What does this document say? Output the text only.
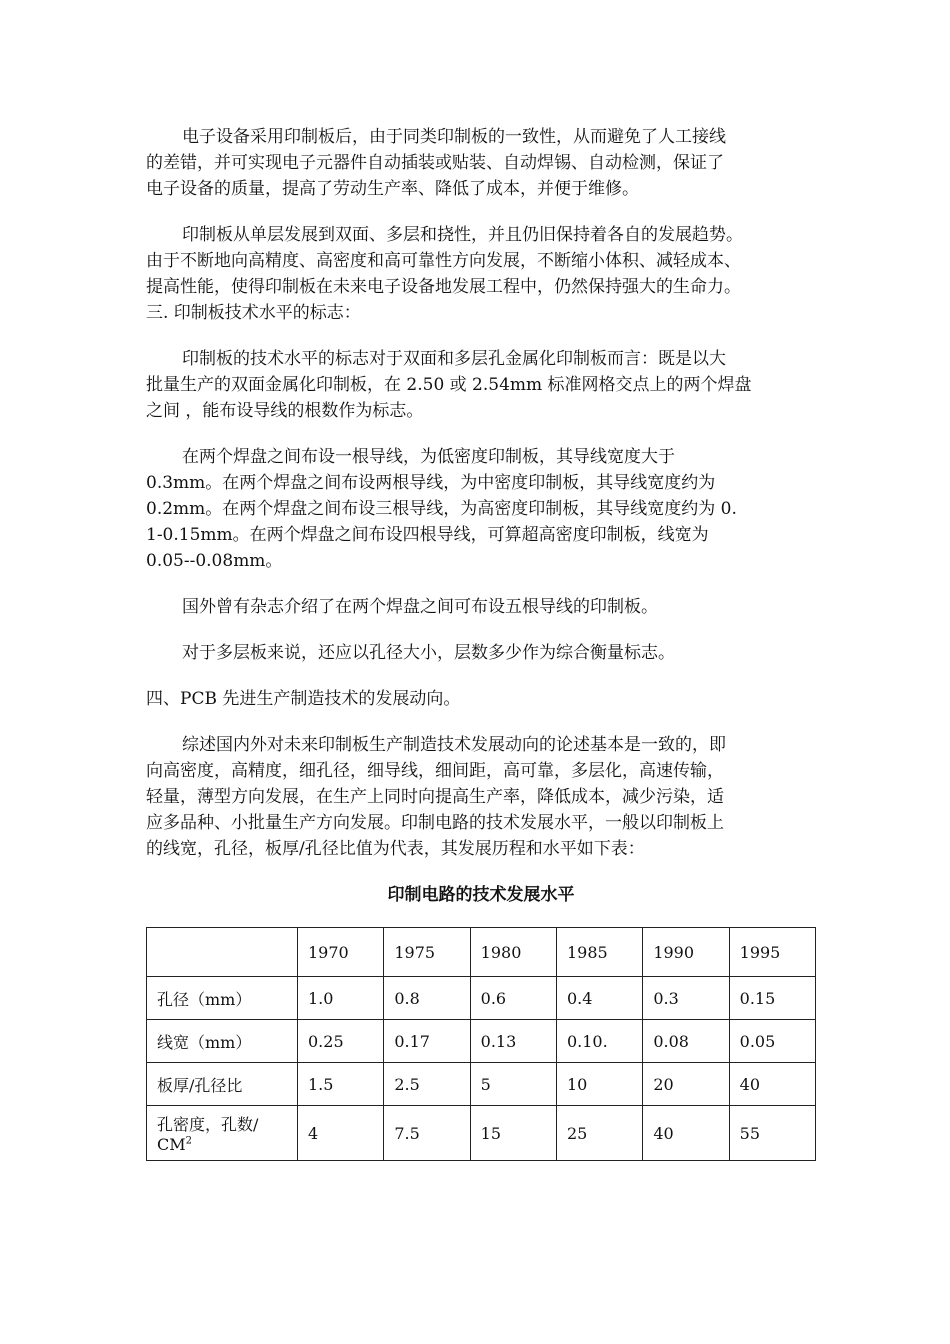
电子设备采用印制板后，由于同类印制板的一致性，从而避免了人工接线
的差错，并可实现电子元器件自动插装或贴装、自动焊锡、自动检测，保证了
电子设备的质量，提高了劳动生产率、降低了成本，并便于维修。

印制板从单层发展到双面、多层和挠性，并且仍旧保持着各自的发展趋势。
由于不断地向高精度、高密度和高可靠性方向发展，不断缩小体积、减轻成本、
提高性能，使得印制板在未来电子设备地发展工程中，仍然保持强大的生命力。

三. 印制板技术水平的标志：

印制板的技术水平的标志对于双面和多层孔金属化印制板而言：既是以大
批量生产的双面金属化印制板，在 2.50 或 2.54mm 标准网格交点上的两个焊盘
之间 ，能布设导线的根数作为标志。

在两个焊盘之间布设一根导线，为低密度印制板，其导线宽度大于
0.3mm。在两个焊盘之间布设两根导线，为中密度印制板，其导线宽度约为
0.2mm。在两个焊盘之间布设三根导线，为高密度印制板，其导线宽度约为 0.
1-0.15mm。在两个焊盘之间布设四根导线，可算超高密度印制板，线宽为
0.05--0.08mm。

国外曾有杂志介绍了在两个焊盘之间可布设五根导线的印制板。

对于多层板来说，还应以孔径大小，层数多少作为综合衡量标志。

四、PCB 先进生产制造技术的发展动向。

综述国内外对未来印制板生产制造技术发展动向的论述基本是一致的，即
向高密度，高精度，细孔径，细导线，细间距，高可靠，多层化，高速传输，
轻量，薄型方向发展，在生产上同时向提高生产率，降低成本，减少污染，适
应多品种、小批量生产方向发展。印制电路的技术发展水平，一般以印制板上
的线宽，孔径，板厚/孔径比值为代表，其发展历程和水平如下表：

印制电路的技术发展水平
	1970	1975	1980	1985	1990	1995
孔径（mm）	1.0	0.8	0.6	0.4	0.3	0.15
线宽（mm）	0.25	0.17	0.13	0.10.	0.08	0.05
板厚/孔径比	1.5	2.5	5	10	20	40
孔密度，孔数/
$CM^2$	4	7.5	15	25	40	55
